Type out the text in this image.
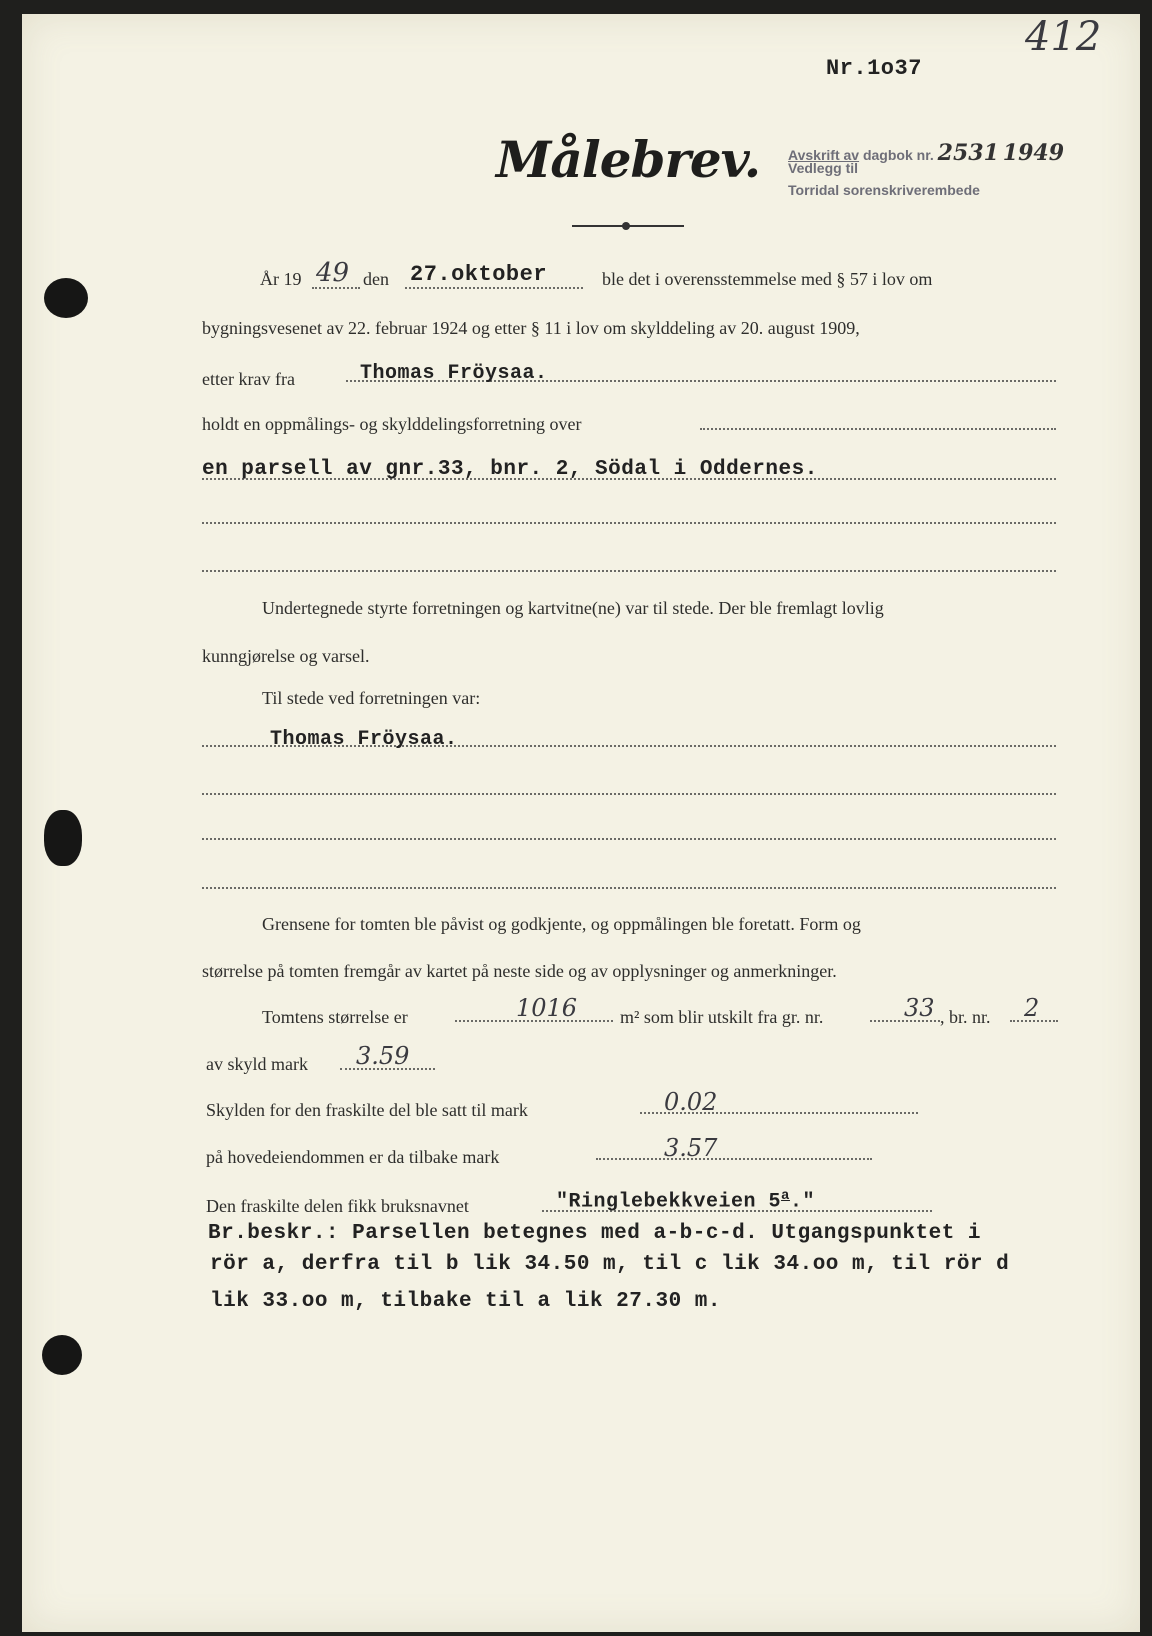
412
Nr.1o37
Målebrev. Avskrift av dagbok nr. 2531 1949
Vedlegg til
Torridal sorenskriverembede
År 19 49 den 27.oktober	ble det i overensstemmelse med § 57 i lov om
bygningsvesenet av 22. februar 1924 og etter § 11 i lov om skylddeling av 20. august 1909,
etter krav fra	Thomas Fröysaa.
holdt en oppmålings- og skylddelingsforretning over
en parsell av gnr.33, bnr. 2, Södal i Oddernes.
Undertegnede styrte forretningen og kartvitne(ne) var til stede. Der ble fremlagt lovlig
kunngjørelse og varsel.
Til stede ved forretningen var:
Thomas Fröysaa.
Grensene for tomten ble påvist og godkjente, og oppmålingen ble foretatt. Form og
størrelse på tomten fremgår av kartet på neste side og av opplysninger og anmerkninger.
Tomtens størrelse er	1016 m² som blir utskilt fra gr. nr.	33 , br. nr. 2
av skyld mark 3.59
Skylden for den fraskilte del ble satt til mark	0.02
på hovedeiendommen er da tilbake mark	3.57
Den fraskilte delen fikk bruksnavnet	"Ringlebekkveien 5$^a$."
Br.beskr.: Parsellen betegnes med a-b-c-d. Utgangspunktet i
rör a, derfra til b lik 34.50 m, til c lik 34.oo m, til rör d
lik 33.oo m, tilbake til a lik 27.30 m.
